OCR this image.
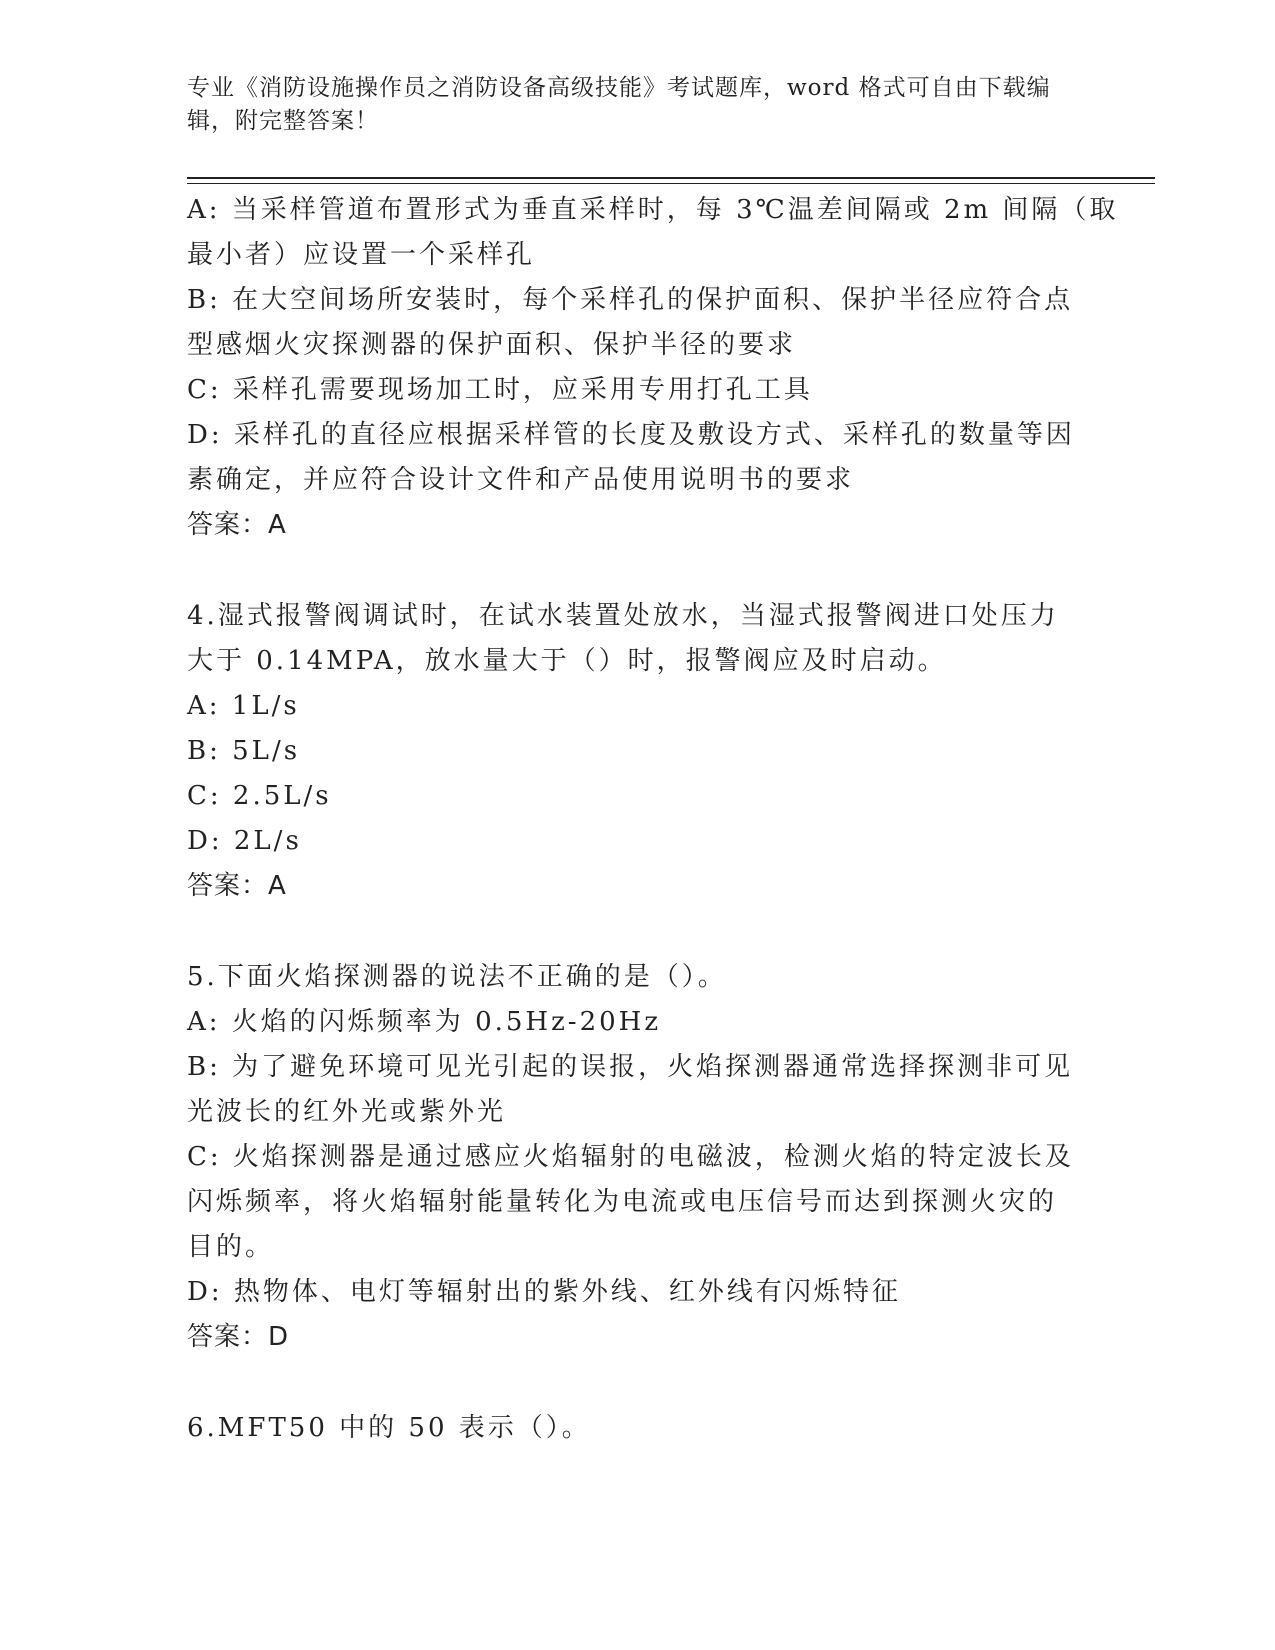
专业《消防设施操作员之消防设备高级技能》考试题库，word 格式可自由下载编
辑，附完整答案！
A: 当采样管道布置形式为垂直采样时，每 3℃温差间隔或 2m 间隔（取
最小者）应设置一个采样孔
B: 在大空间场所安装时，每个采样孔的保护面积、保护半径应符合点
型感烟火灾探测器的保护面积、保护半径的要求
C: 采样孔需要现场加工时，应采用专用打孔工具
D: 采样孔的直径应根据采样管的长度及敷设方式、采样孔的数量等因
素确定，并应符合设计文件和产品使用说明书的要求
答案：A
4.湿式报警阀调试时，在试水装置处放水，当湿式报警阀进口处压力
大于 0.14MPA，放水量大于（）时，报警阀应及时启动。
A: 1L/s
B: 5L/s
C: 2.5L/s
D: 2L/s
答案：A
5.下面火焰探测器的说法不正确的是（）。
A: 火焰的闪烁频率为 0.5Hz-20Hz
B: 为了避免环境可见光引起的误报，火焰探测器通常选择探测非可见
光波长的红外光或紫外光
C: 火焰探测器是通过感应火焰辐射的电磁波，检测火焰的特定波长及
闪烁频率，将火焰辐射能量转化为电流或电压信号而达到探测火灾的
目的。
D: 热物体、电灯等辐射出的紫外线、红外线有闪烁特征
答案：D
6.MFT50 中的 50 表示（）。
